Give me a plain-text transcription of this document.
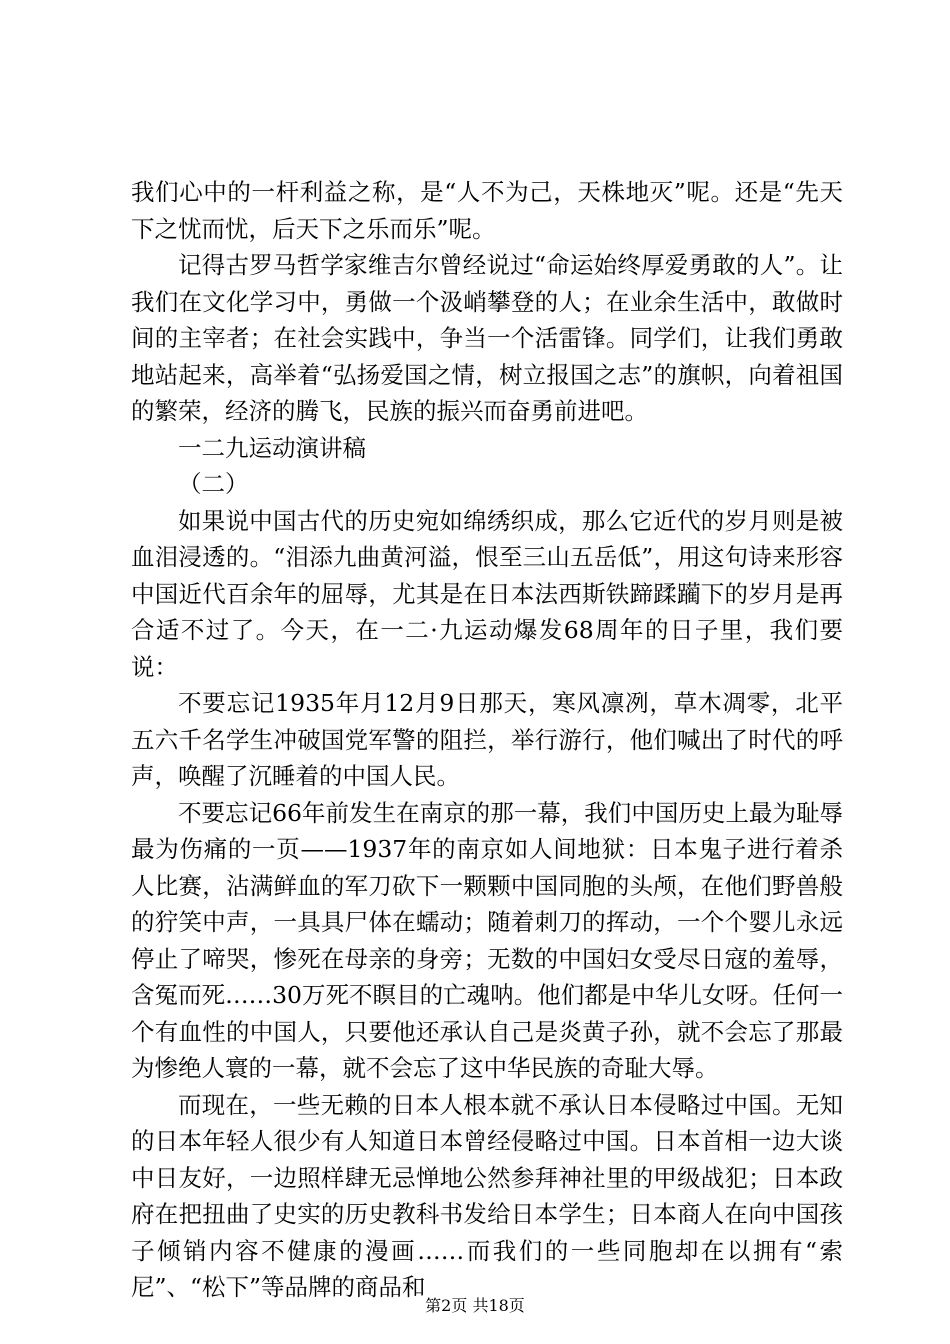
我们心中的一杆利益之称，是“人不为己，天株地灭”呢。还是“先天下之忧而忧，后天下之乐而乐”呢。

记得古罗马哲学家维吉尔曾经说过“命运始终厚爱勇敢的人”。让我们在文化学习中，勇做一个汲峭攀登的人；在业余生活中，敢做时间的主宰者；在社会实践中，争当一个活雷锋。同学们，让我们勇敢地站起来，高举着“弘扬爱国之情，树立报国之志”的旗帜，向着祖国的繁荣，经济的腾飞，民族的振兴而奋勇前进吧。

一二九运动演讲稿

（二）

如果说中国古代的历史宛如绵绣织成，那么它近代的岁月则是被血泪浸透的。“泪添九曲黄河溢，恨至三山五岳低”，用这句诗来形容中国近代百余年的屈辱，尤其是在日本法西斯铁蹄蹂躏下的岁月是再合适不过了。今天，在一二·九运动爆发68周年的日子里，我们要说：

不要忘记1935年月12月9日那天，寒风凛冽，草木凋零，北平五六千名学生冲破国党军警的阻拦，举行游行，他们喊出了时代的呼声，唤醒了沉睡着的中国人民。

不要忘记66年前发生在南京的那一幕，我们中国历史上最为耻辱最为伤痛的一页——1937年的南京如人间地狱：日本鬼子进行着杀人比赛，沾满鲜血的军刀砍下一颗颗中国同胞的头颅，在他们野兽般的狞笑中声，一具具尸体在蠕动；随着刺刀的挥动，一个个婴儿永远停止了啼哭，惨死在母亲的身旁；无数的中国妇女受尽日寇的羞辱，含冤而死……30万死不瞑目的亡魂呐。他们都是中华儿女呀。任何一个有血性的中国人，只要他还承认自己是炎黄子孙，就不会忘了那最为惨绝人寰的一幕，就不会忘了这中华民族的奇耻大辱。

而现在，一些无赖的日本人根本就不承认日本侵略过中国。无知的日本年轻人很少有人知道日本曾经侵略过中国。日本首相一边大谈中日友好，一边照样肆无忌惮地公然参拜神社里的甲级战犯；日本政府在把扭曲了史实的历史教科书发给日本学生；日本商人在向中国孩子倾销内容不健康的漫画……而我们的一些同胞却在以拥有“索尼”、“松下”等品牌的商品和

第2页 共18页
